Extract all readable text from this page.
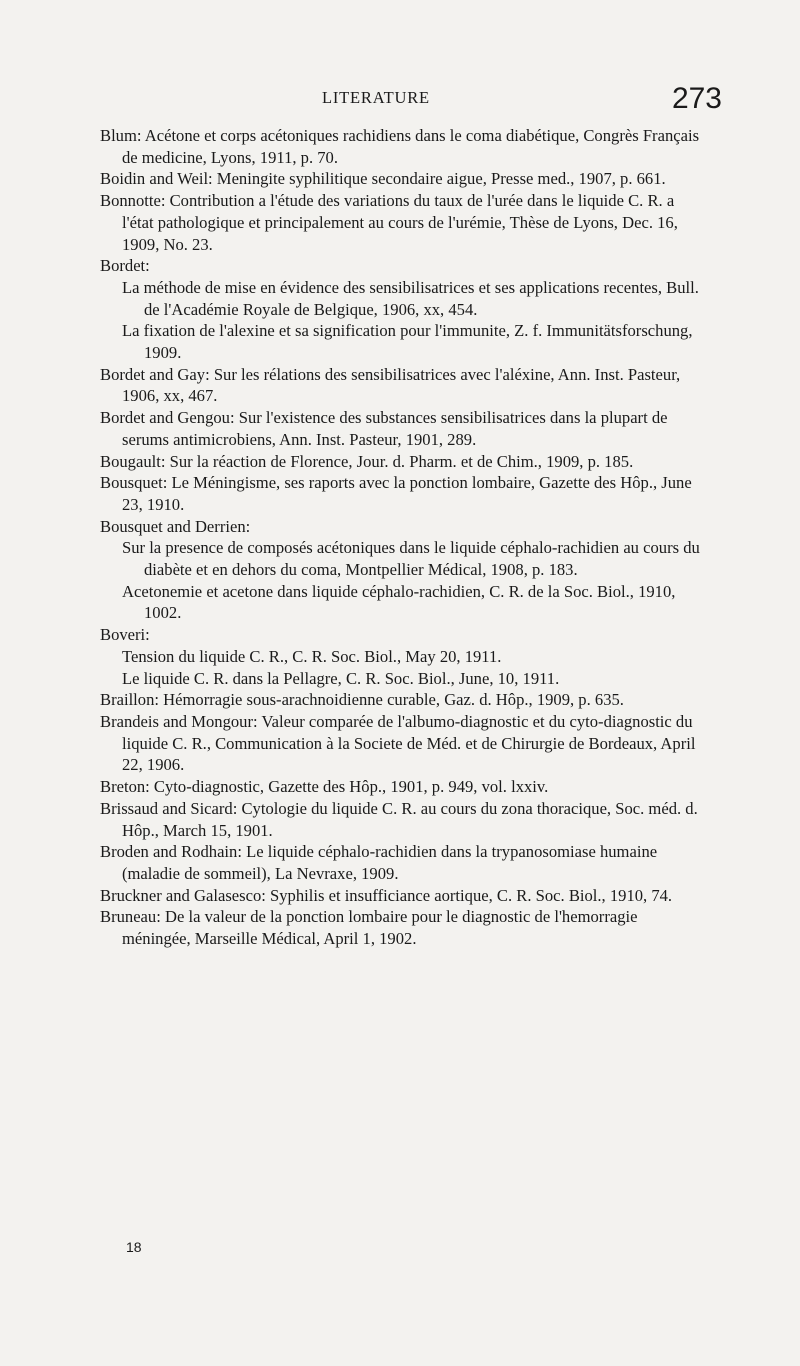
LITERATURE	273
Blum: Acétone et corps acétoniques rachidiens dans le coma diabétique, Congrès Français de medicine, Lyons, 1911, p. 70.
Boidin and Weil: Meningite syphilitique secondaire aigue, Presse med., 1907, p. 661.
Bonnotte: Contribution a l'étude des variations du taux de l'urée dans le liquide C. R. a l'état pathologique et principalement au cours de l'urémie, Thèse de Lyons, Dec. 16, 1909, No. 23.
Bordet:
La méthode de mise en évidence des sensibilisatrices et ses applications recentes, Bull. de l'Académie Royale de Belgique, 1906, xx, 454.
La fixation de l'alexine et sa signification pour l'immunite, Z. f. Immunitätsforschung, 1909.
Bordet and Gay: Sur les rélations des sensibilisatrices avec l'aléxine, Ann. Inst. Pasteur, 1906, xx, 467.
Bordet and Gengou: Sur l'existence des substances sensibilisatrices dans la plupart de serums antimicrobiens, Ann. Inst. Pasteur, 1901, 289.
Bougault: Sur la réaction de Florence, Jour. d. Pharm. et de Chim., 1909, p. 185.
Bousquet: Le Méningisme, ses raports avec la ponction lombaire, Gazette des Hôp., June 23, 1910.
Bousquet and Derrien:
Sur la presence de composés acétoniques dans le liquide céphalo-rachidien au cours du diabète et en dehors du coma, Montpellier Médical, 1908, p. 183.
Acetonemie et acetone dans liquide céphalo-rachidien, C. R. de la Soc. Biol., 1910, 1002.
Boveri:
Tension du liquide C. R., C. R. Soc. Biol., May 20, 1911.
Le liquide C. R. dans la Pellagre, C. R. Soc. Biol., June, 10, 1911.
Braillon: Hémorragie sous-arachnoidienne curable, Gaz. d. Hôp., 1909, p. 635.
Brandeis and Mongour: Valeur comparée de l'albumo-diagnostic et du cyto-diagnostic du liquide C. R., Communication à la Societe de Méd. et de Chirurgie de Bordeaux, April 22, 1906.
Breton: Cyto-diagnostic, Gazette des Hôp., 1901, p. 949, vol. lxxiv.
Brissaud and Sicard: Cytologie du liquide C. R. au cours du zona thoracique, Soc. méd. d. Hôp., March 15, 1901.
Broden and Rodhain: Le liquide céphalo-rachidien dans la trypanosomiase humaine (maladie de sommeil), La Nevraxe, 1909.
Bruckner and Galasesco: Syphilis et insufficiance aortique, C. R. Soc. Biol., 1910, 74.
Bruneau: De la valeur de la ponction lombaire pour le diagnostic de l'hemorragie méningée, Marseille Médical, April 1, 1902.
18
